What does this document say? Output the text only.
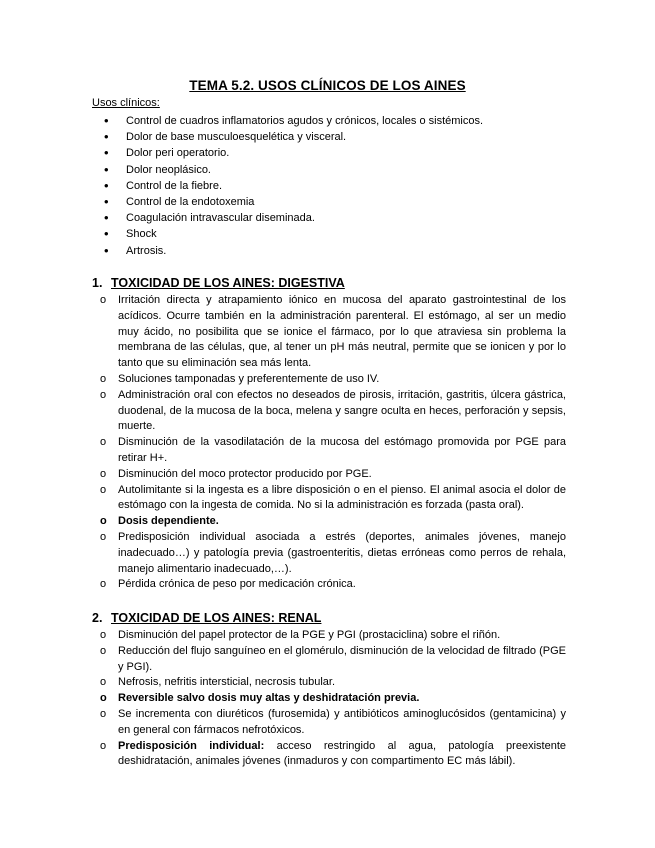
TEMA 5.2. USOS CLÍNICOS DE LOS AINES
Usos clínicos:
• Control de cuadros inflamatorios agudos y crónicos, locales o sistémicos.
• Dolor de base musculoesquelética y visceral.
• Dolor peri operatorio.
• Dolor neoplásico.
• Control de la fiebre.
• Control de la endotoxemia
• Coagulación intravascular diseminada.
• Shock
• Artrosis.
1. TOXICIDAD DE LOS AINES: DIGESTIVA
o Irritación directa y atrapamiento iónico en mucosa del aparato gastrointestinal de los acídicos. Ocurre también en la administración parenteral. El estómago, al ser un medio muy ácido, no posibilita que se ionice el fármaco, por lo que atraviesa sin problema la membrana de las células, que, al tener un pH más neutral, permite que se ionicen y por lo tanto que su eliminación sea más lenta.
o Soluciones tamponadas y preferentemente de uso IV.
o Administración oral con efectos no deseados de pirosis, irritación, gastritis, úlcera gástrica, duodenal, de la mucosa de la boca, melena y sangre oculta en heces, perforación y sepsis, muerte.
o Disminución de la vasodilatación de la mucosa del estómago promovida por PGE para retirar H+.
o Disminución del moco protector producido por PGE.
o Autolimitante si la ingesta es a libre disposición o en el pienso. El animal asocia el dolor de estómago con la ingesta de comida. No si la administración es forzada (pasta oral).
o Dosis dependiente.
o Predisposición individual asociada a estrés (deportes, animales jóvenes, manejo inadecuado…) y patología previa (gastroenteritis, dietas erróneas como perros de rehala, manejo alimentario inadecuado,…).
o Pérdida crónica de peso por medicación crónica.
2. TOXICIDAD DE LOS AINES: RENAL
o Disminución del papel protector de la PGE y PGI (prostaciclina) sobre el riñón.
o Reducción del flujo sanguíneo en el glomérulo, disminución de la velocidad de filtrado (PGE y PGI).
o Nefrosis, nefritis intersticial, necrosis tubular.
o Reversible salvo dosis muy altas y deshidratación previa.
o Se incrementa con diuréticos (furosemida) y antibióticos aminoglucósidos (gentamicina) y en general con fármacos nefrotóxicos.
o Predisposición individual: acceso restringido al agua, patología preexistente deshidratación, animales jóvenes (inmaduros y con compartimento EC más lábil).
